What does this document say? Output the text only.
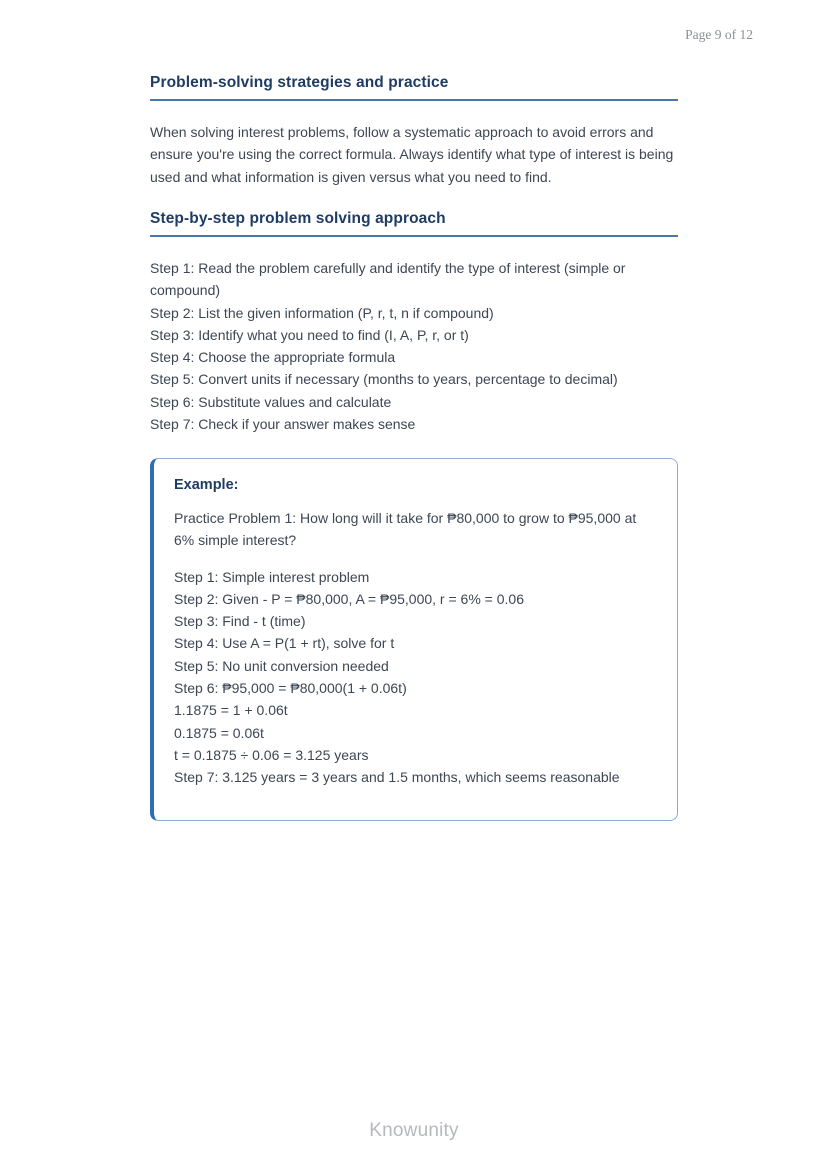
Page 9 of 12
Problem-solving strategies and practice
When solving interest problems, follow a systematic approach to avoid errors and ensure you're using the correct formula. Always identify what type of interest is being used and what information is given versus what you need to find.
Step-by-step problem solving approach
Step 1: Read the problem carefully and identify the type of interest (simple or compound)
Step 2: List the given information (P, r, t, n if compound)
Step 3: Identify what you need to find (I, A, P, r, or t)
Step 4: Choose the appropriate formula
Step 5: Convert units if necessary (months to years, percentage to decimal)
Step 6: Substitute values and calculate
Step 7: Check if your answer makes sense
Example:
Practice Problem 1: How long will it take for ₱80,000 to grow to ₱95,000 at
6% simple interest?
Step 1: Simple interest problem
Step 2: Given - P = ₱80,000, A = ₱95,000, r = 6% = 0.06
Step 3: Find - t (time)
Step 4: Use A = P(1 + rt), solve for t
Step 5: No unit conversion needed
Step 6: ₱95,000 = ₱80,000(1 + 0.06t)
1.1875 = 1 + 0.06t
0.1875 = 0.06t
t = 0.1875 ÷ 0.06 = 3.125 years
Step 7: 3.125 years = 3 years and 1.5 months, which seems reasonable
Knowunity
